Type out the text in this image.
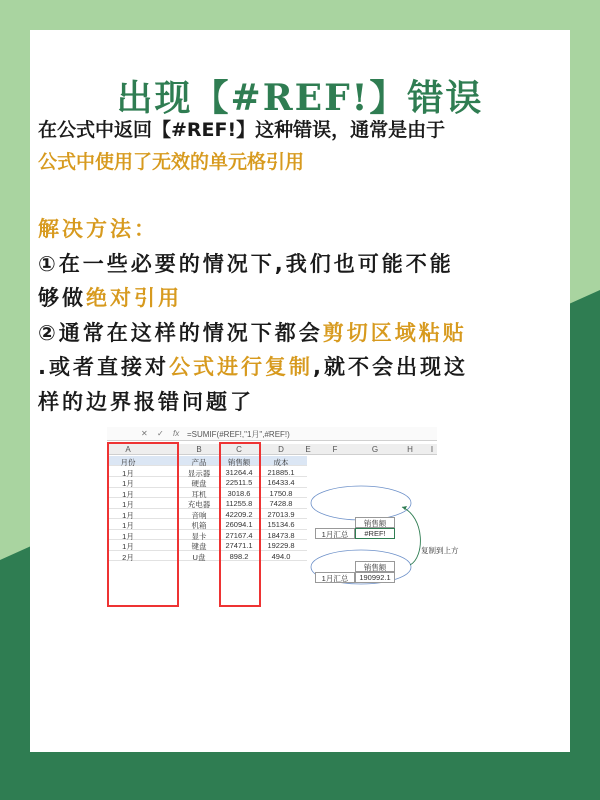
出现【#REF!】错误
在公式中返回【#REF!】这种错误，通常是由于
公式中使用了无效的单元格引用
解决方法：
①在一些必要的情况下,我们也可能不能
够做绝对引用
②通常在这样的情况下都会剪切区域粘贴
.或者直接对公式进行复制,就不会出现这
样的边界报错问题了
✕ ✓ fx =SUMIF(#REF!,"1月",#REF!)
A	B	C	D	E	F	G	H	I
月份	产品	销售额	成本
1月	显示器	31264.4	21885.1
1月	硬盘	22511.5	16433.4
1月	耳机	3018.6	1750.8
1月	充电器	11255.8	7428.8
1月	音响	42209.2	27013.9
1月	机箱	26094.1	15134.6
1月	显卡	27167.4	18473.8
1月	键盘	27471.1	19229.8
2月	U盘	898.2	494.0
销售额
1月汇总	#REF!
销售额
1月汇总	190992.1
复制到上方
